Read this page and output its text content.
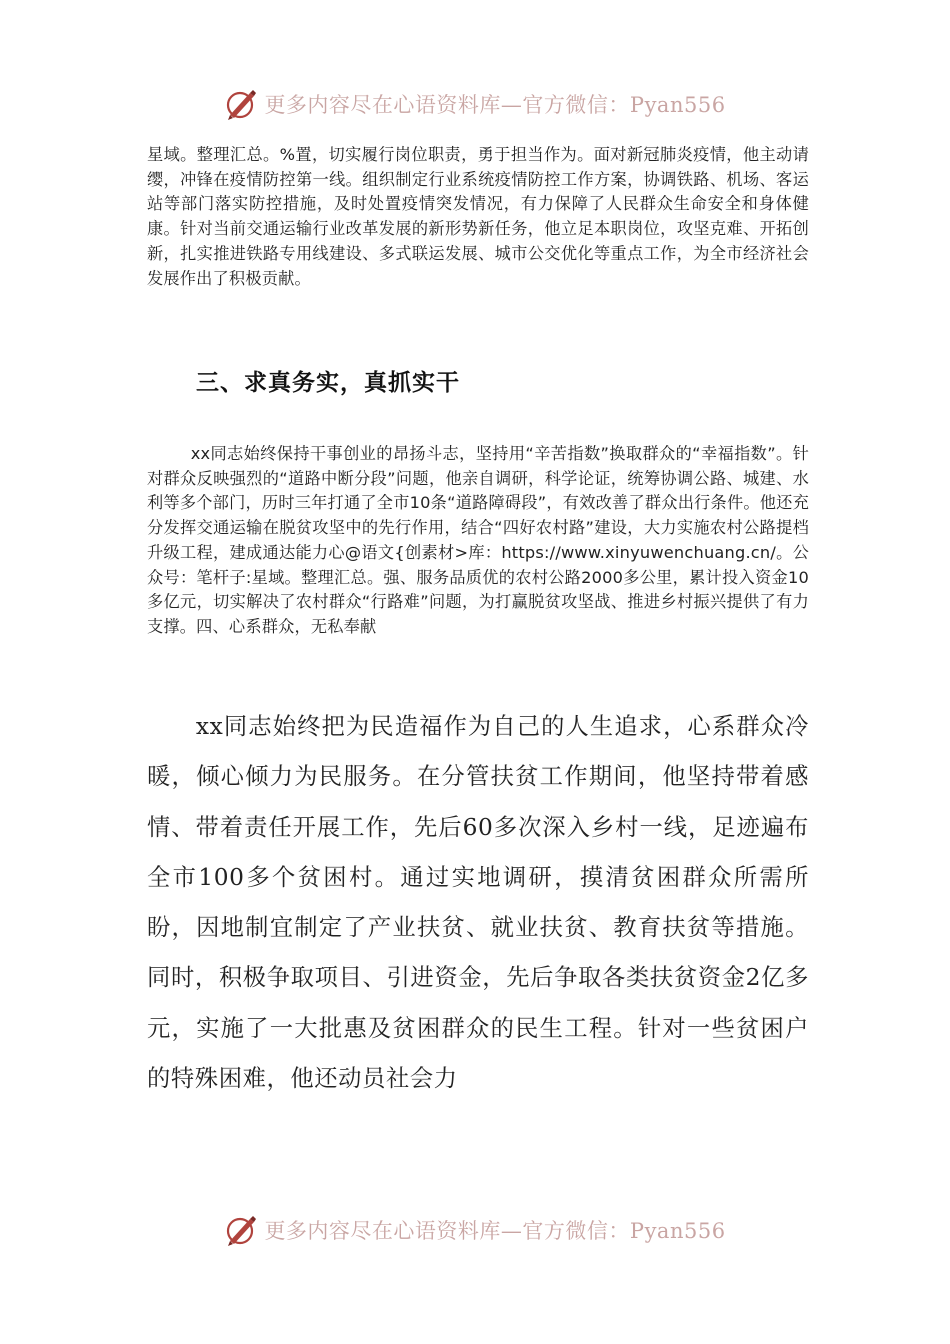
更多内容尽在心语资料库—官方微信：Pyan556

星域。整理汇总。%置，切实履行岗位职责，勇于担当作为。面对新冠肺炎疫情，他主动请缨，冲锋在疫情防控第一线。组织制定行业系统疫情防控工作方案，协调铁路、机场、客运站等部门落实防控措施，及时处置疫情突发情况，有力保障了人民群众生命安全和身体健康。针对当前交通运输行业改革发展的新形势新任务，他立足本职岗位，攻坚克难、开拓创新，扎实推进铁路专用线建设、多式联运发展、城市公交优化等重点工作，为全市经济社会发展作出了积极贡献。

三、求真务实，真抓实干

xx同志始终保持干事创业的昂扬斗志，坚持用“辛苦指数”换取群众的“幸福指数”。针对群众反映强烈的“道路中断分段”问题，他亲自调研，科学论证，统筹协调公路、城建、水利等多个部门，历时三年打通了全市10条“道路障碍段”，有效改善了群众出行条件。他还充分发挥交通运输在脱贫攻坚中的先行作用，结合“四好农村路”建设，大力实施农村公路提档升级工程，建成通达能力心@语文{创素材>库：https://www.xinyuwenchuang.cn/。公众号：笔杆子:星域。整理汇总。强、服务品质优的农村公路2000多公里，累计投入资金10多亿元，切实解决了农村群众“行路难”问题，为打赢脱贫攻坚战、推进乡村振兴提供了有力支撑。四、心系群众，无私奉献

xx同志始终把为民造福作为自己的人生追求，心系群众冷暖，倾心倾力为民服务。在分管扶贫工作期间，他坚持带着感情、带着责任开展工作，先后60多次深入乡村一线，足迹遍布全市100多个贫困村。通过实地调研，摸清贫困群众所需所盼，因地制宜制定了产业扶贫、就业扶贫、教育扶贫等措施。同时，积极争取项目、引进资金，先后争取各类扶贫资金2亿多元，实施了一大批惠及贫困群众的民生工程。针对一些贫困户的特殊困难，他还动员社会力

更多内容尽在心语资料库—官方微信：Pyan556
